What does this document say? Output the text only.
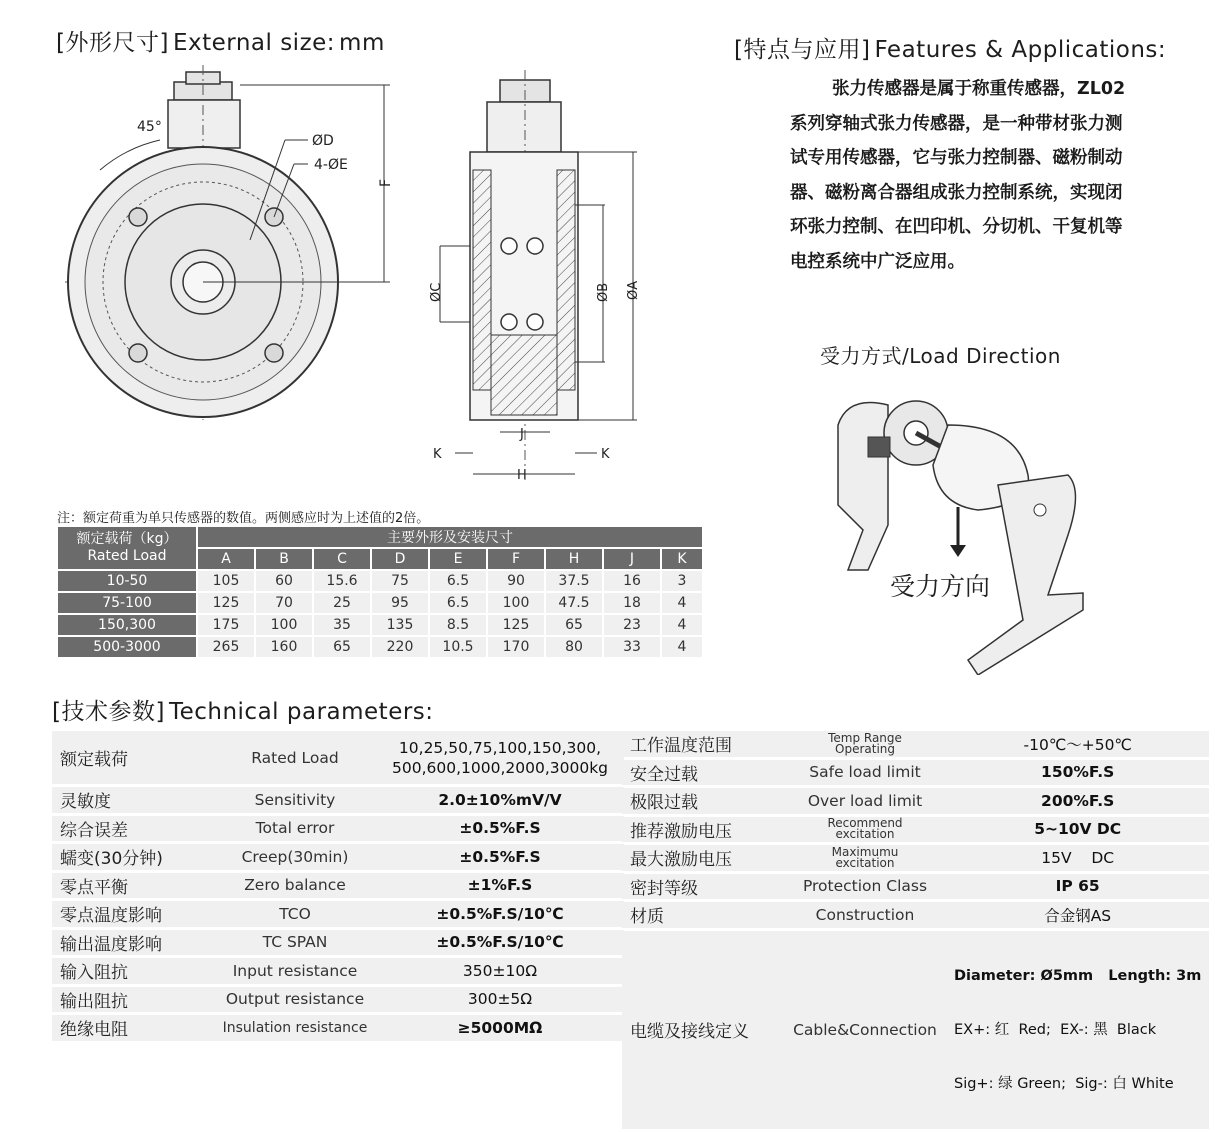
[外形尺寸] External size: mm	[特点与应用] Features & Applications:

张力传感器是属于称重传感器，ZL02

系列穿轴式张力传感器，是一种带材张力测

试专用传感器，它与张力控制器、磁粉制动

器、磁粉离合器组成张力控制系统，实现闭

环张力控制、在凹印机、分切机、干复机等

电控系统中广泛应用。

45°
ØD
4-ØE
F
ØC	ØB ØA
J
K	K
H
受力方式/Load Direction
受力方向
注：额定荷重为单只传感器的数值。两侧感应时为上述值的2倍。
额定载荷（kg）
Rated Load	主要外形及安装尺寸								
	A	B	C	D	E	F	H	J	K
10-50	105	60	15.6	75	6.5	90	37.5	16	3
75-100	125	70	25	95	6.5	100	47.5	18	4
150,300	175	100	35	135	8.5	125	65	23	4
500-3000	265	160	65	220	10.5	170	80	33	4
[技术参数] Technical parameters:
额定载荷	Rated Load	10,25,50,75,100,150,300,
500,600,1000,2000,3000kg

灵敏度	Sensitivity	2.0±10%mV/V
综合误差	Total error	±0.5%F.S
蠕变(30分钟)	Creep(30min)	±0.5%F.S
零点平衡	Zero balance	±1%F.S
零点温度影响	TCO	±0.5%F.S/10℃
输出温度影响	TC SPAN	±0.5%F.S/10℃
输入阻抗	Input resistance	350±10Ω
输出阻抗	Output resistance	300±5Ω
绝缘电阻	Insulation resistance	≥5000MΩ
工作温度范围	Temp Range
Operating	-10℃～+50℃
安全过载	Safe load limit	150%F.S
极限过载	Over load limit	200%F.S
推荐激励电压	Recommend
excitation	5~10V DC
最大激励电压	Maximumu
excitation	15V    DC
密封等级	Protection Class	IP 65
材质	Construction	合金钢AS
电缆及接线定义	Cable&Connection	Diameter: Ø5mm   Length: 3m

EX+: 红  Red;  EX-: 黑  Black

Sig+: 绿 Green;  Sig-: 白 White
